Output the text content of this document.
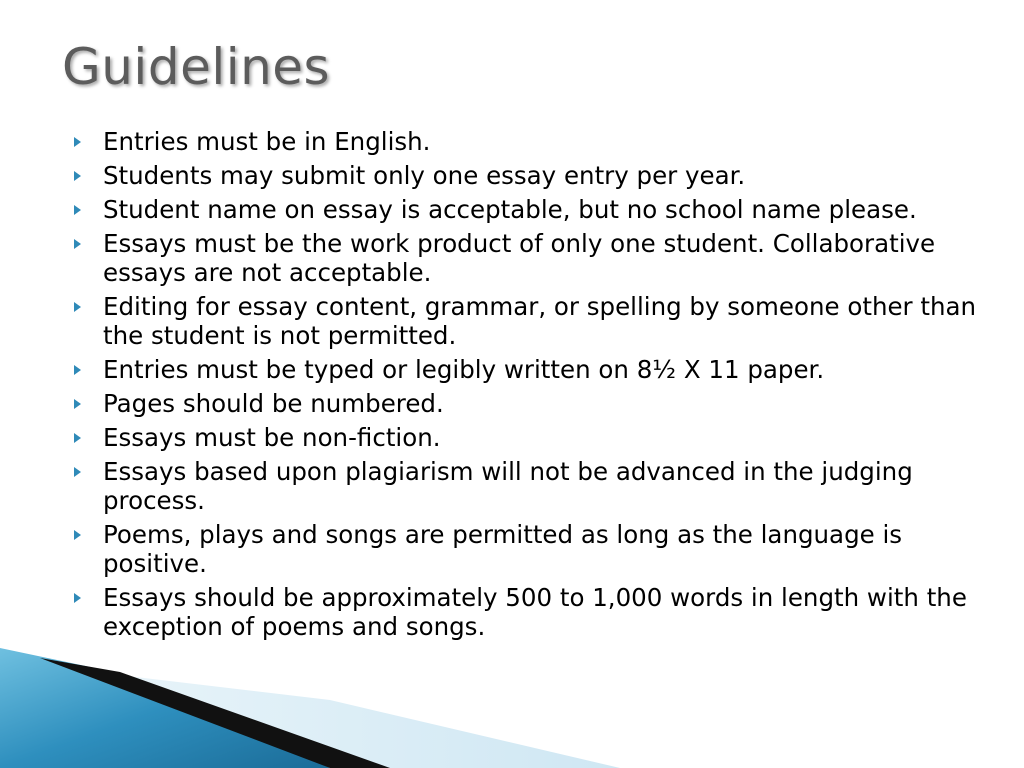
Guidelines
Entries must be in English.
Students may submit only one essay entry per year.
Student name on essay is acceptable, but no school name please.
Essays must be the work product of only one student. Collaborative essays are not acceptable.
Editing for essay content, grammar, or spelling by someone other than the student is not permitted.
Entries must be typed or legibly written on 8½ X 11 paper.
Pages should be numbered.
Essays must be non-fiction.
Essays based upon plagiarism will not be advanced in the judging process.
Poems, plays and songs are permitted as long as the language is positive.
Essays should be approximately 500 to 1,000 words in length with the exception of poems and songs.
